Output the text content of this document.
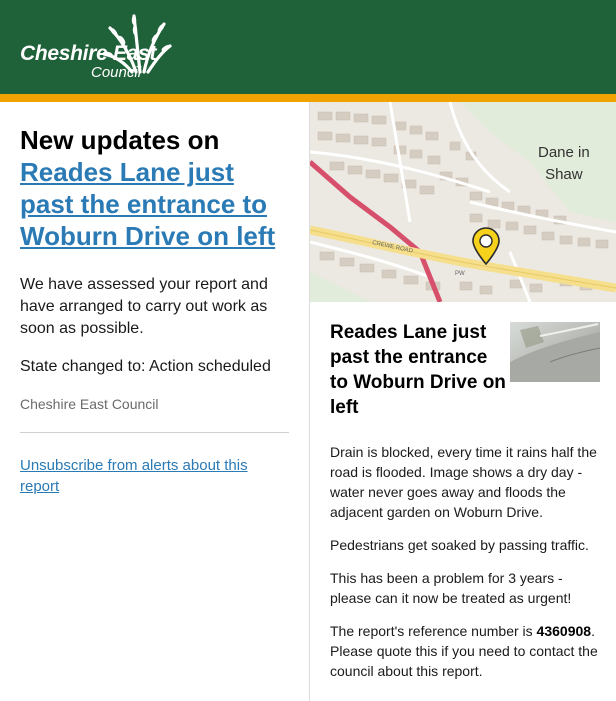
Cheshire East
Council
New updates on
Reades Lane just past the entrance to Woburn Drive on left

We have assessed your report and have arranged to carry out work as soon as possible.

State changed to: Action scheduled

Cheshire East Council

Unsubscribe from alerts about this report

CREWE ROAD
PW
Dane in
Shaw
Reades Lane just past the entrance to Woburn Drive on left

Drain is blocked, every time it rains half the road is flooded. Image shows a dry day - water never goes away and floods the adjacent garden on Woburn Drive.

Pedestrians get soaked by passing traffic.

This has been a problem for 3 years - please can it now be treated as urgent!

The report's reference number is 4360908. Please quote this if you need to contact the council about this report.
